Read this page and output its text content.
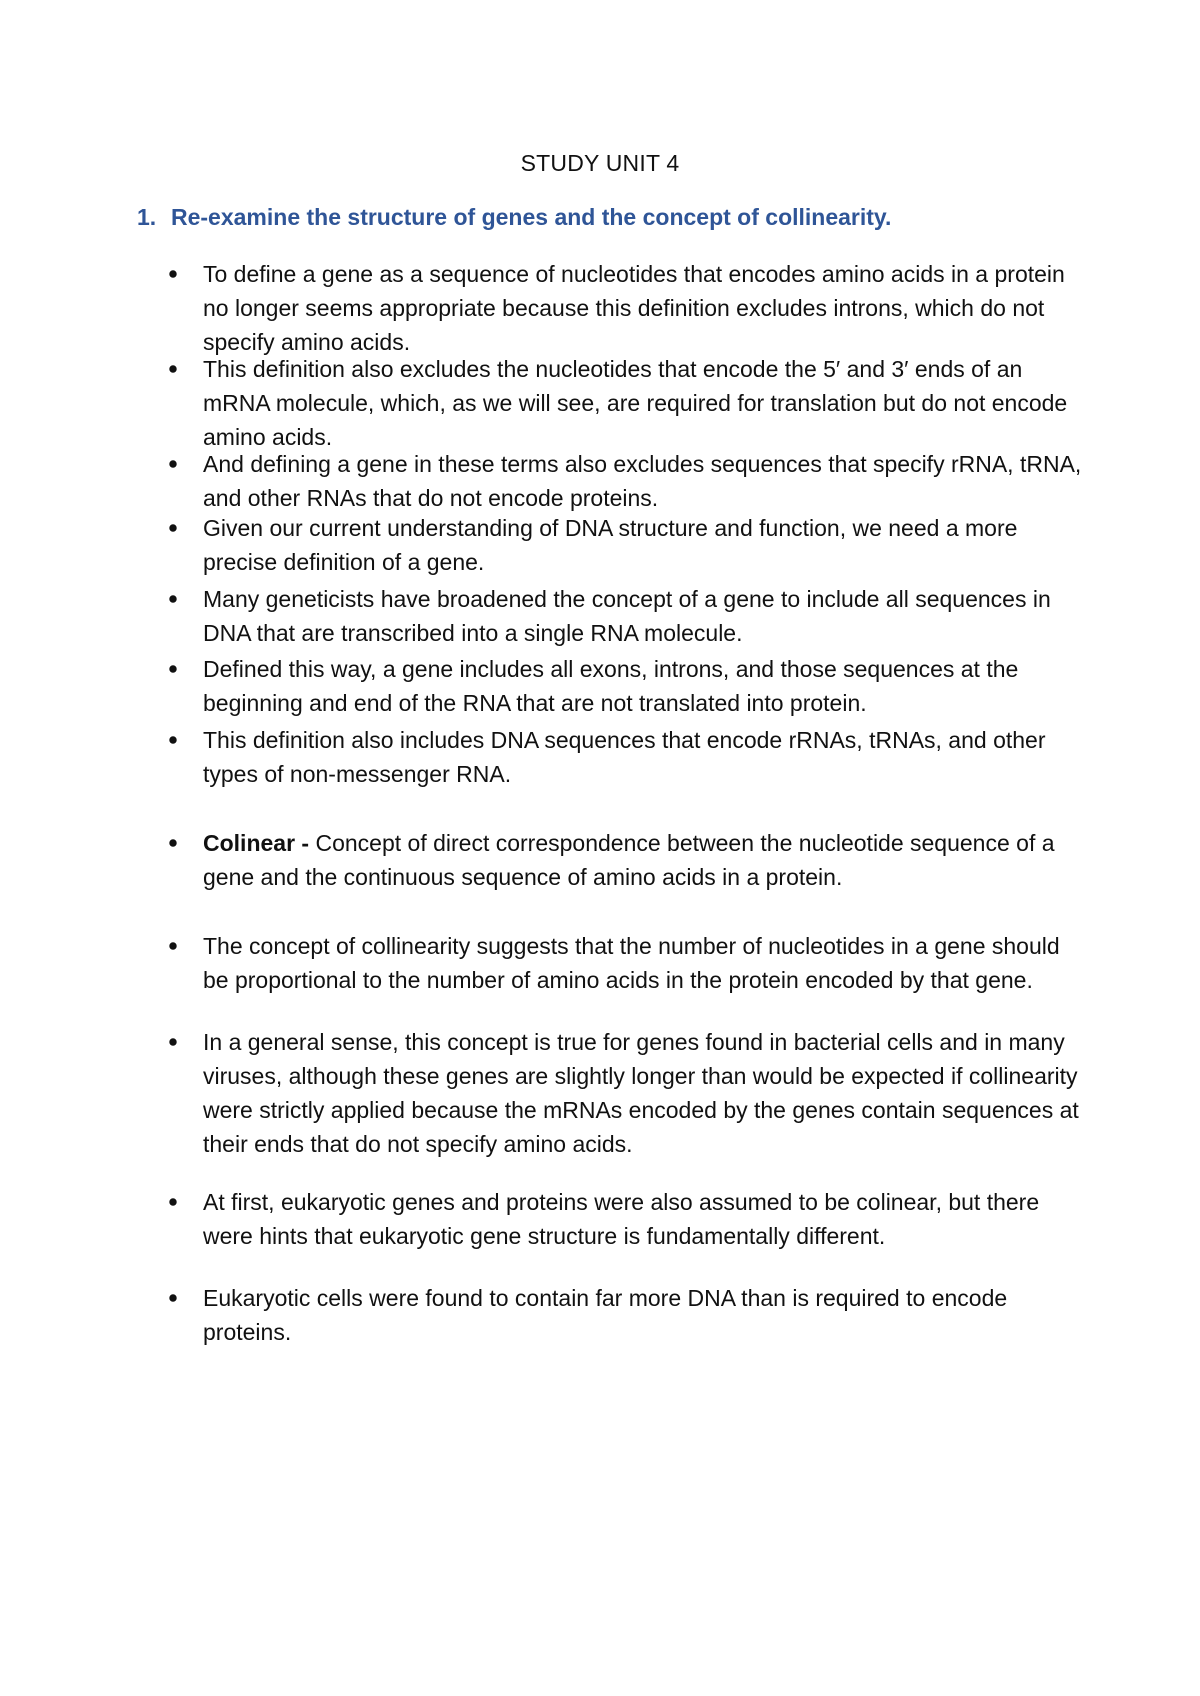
STUDY UNIT 4
1. Re-examine the structure of genes and the concept of collinearity.
To define a gene as a sequence of nucleotides that encodes amino acids in a protein no longer seems appropriate because this definition excludes introns, which do not specify amino acids.
This definition also excludes the nucleotides that encode the 5′ and 3′ ends of an mRNA molecule, which, as we will see, are required for translation but do not encode amino acids.
And defining a gene in these terms also excludes sequences that specify rRNA, tRNA, and other RNAs that do not encode proteins.
Given our current understanding of DNA structure and function, we need a more precise definition of a gene.
Many geneticists have broadened the concept of a gene to include all sequences in DNA that are transcribed into a single RNA molecule.
Defined this way, a gene includes all exons, introns, and those sequences at the beginning and end of the RNA that are not translated into protein.
This definition also includes DNA sequences that encode rRNAs, tRNAs, and other types of non-messenger RNA.
Colinear - Concept of direct correspondence between the nucleotide sequence of a gene and the continuous sequence of amino acids in a protein.
The concept of collinearity suggests that the number of nucleotides in a gene should be proportional to the number of amino acids in the protein encoded by that gene.
In a general sense, this concept is true for genes found in bacterial cells and in many viruses, although these genes are slightly longer than would be expected if collinearity were strictly applied because the mRNAs encoded by the genes contain sequences at their ends that do not specify amino acids.
At first, eukaryotic genes and proteins were also assumed to be colinear, but there were hints that eukaryotic gene structure is fundamentally different.
Eukaryotic cells were found to contain far more DNA than is required to encode proteins.
